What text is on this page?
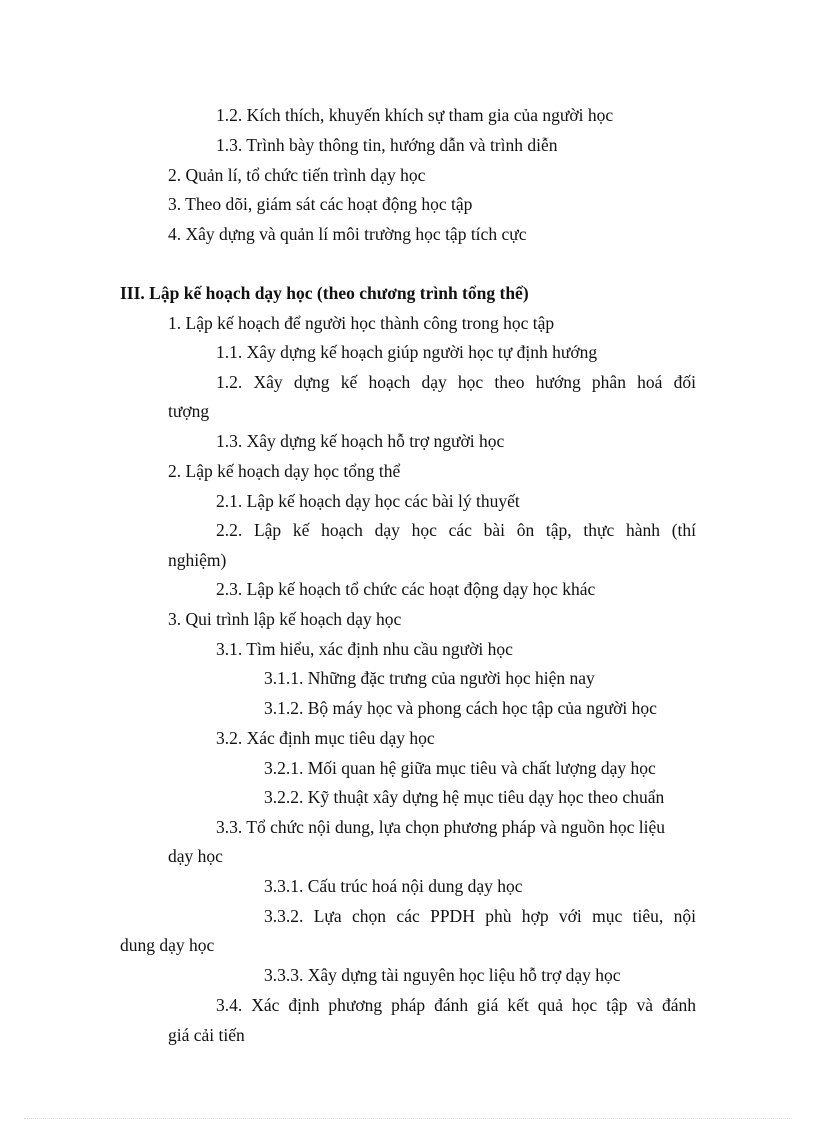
1.2. Kích thích, khuyến khích sự tham gia của người học

1.3. Trình bày thông tin, hướng dẫn và trình diễn

2. Quản lí, tổ chức tiến trình dạy học

3. Theo dõi, giám sát các hoạt động học tập

4. Xây dựng và quản lí môi trường học tập tích cực

III. Lập kế hoạch dạy học (theo chương trình tổng thể)

1. Lập kế hoạch để người học thành công trong học tập

1.1. Xây dựng kế hoạch giúp người học tự định hướng

1.2. Xây dựng kế hoạch dạy học theo hướng phân hoá đối

tượng

1.3. Xây dựng kế hoạch hỗ trợ người học

2. Lập kế hoạch dạy học tổng thể

2.1. Lập kế hoạch dạy học các bài lý thuyết

2.2. Lập kế hoạch dạy học các bài ôn tập, thực hành (thí

nghiệm)

2.3. Lập kế hoạch tổ chức các hoạt động dạy học khác

3. Qui trình lập kế hoạch dạy học

3.1. Tìm hiểu, xác định nhu cầu người học

3.1.1. Những đặc trưng của người học hiện nay

3.1.2. Bộ máy học và phong cách học tập của người học

3.2. Xác định mục tiêu dạy học

3.2.1. Mối quan hệ giữa mục tiêu và chất lượng dạy học

3.2.2. Kỹ thuật xây dựng hệ mục tiêu dạy học theo chuẩn

3.3. Tổ chức nội dung, lựa chọn phương pháp và nguồn học liệu

dạy học

3.3.1. Cấu trúc hoá nội dung dạy học

3.3.2. Lựa chọn các PPDH phù hợp với mục tiêu, nội

dung dạy học

3.3.3. Xây dựng tài nguyên học liệu hỗ trợ dạy học

3.4. Xác định phương pháp đánh giá kết quả học tập và đánh

giá cải tiến
